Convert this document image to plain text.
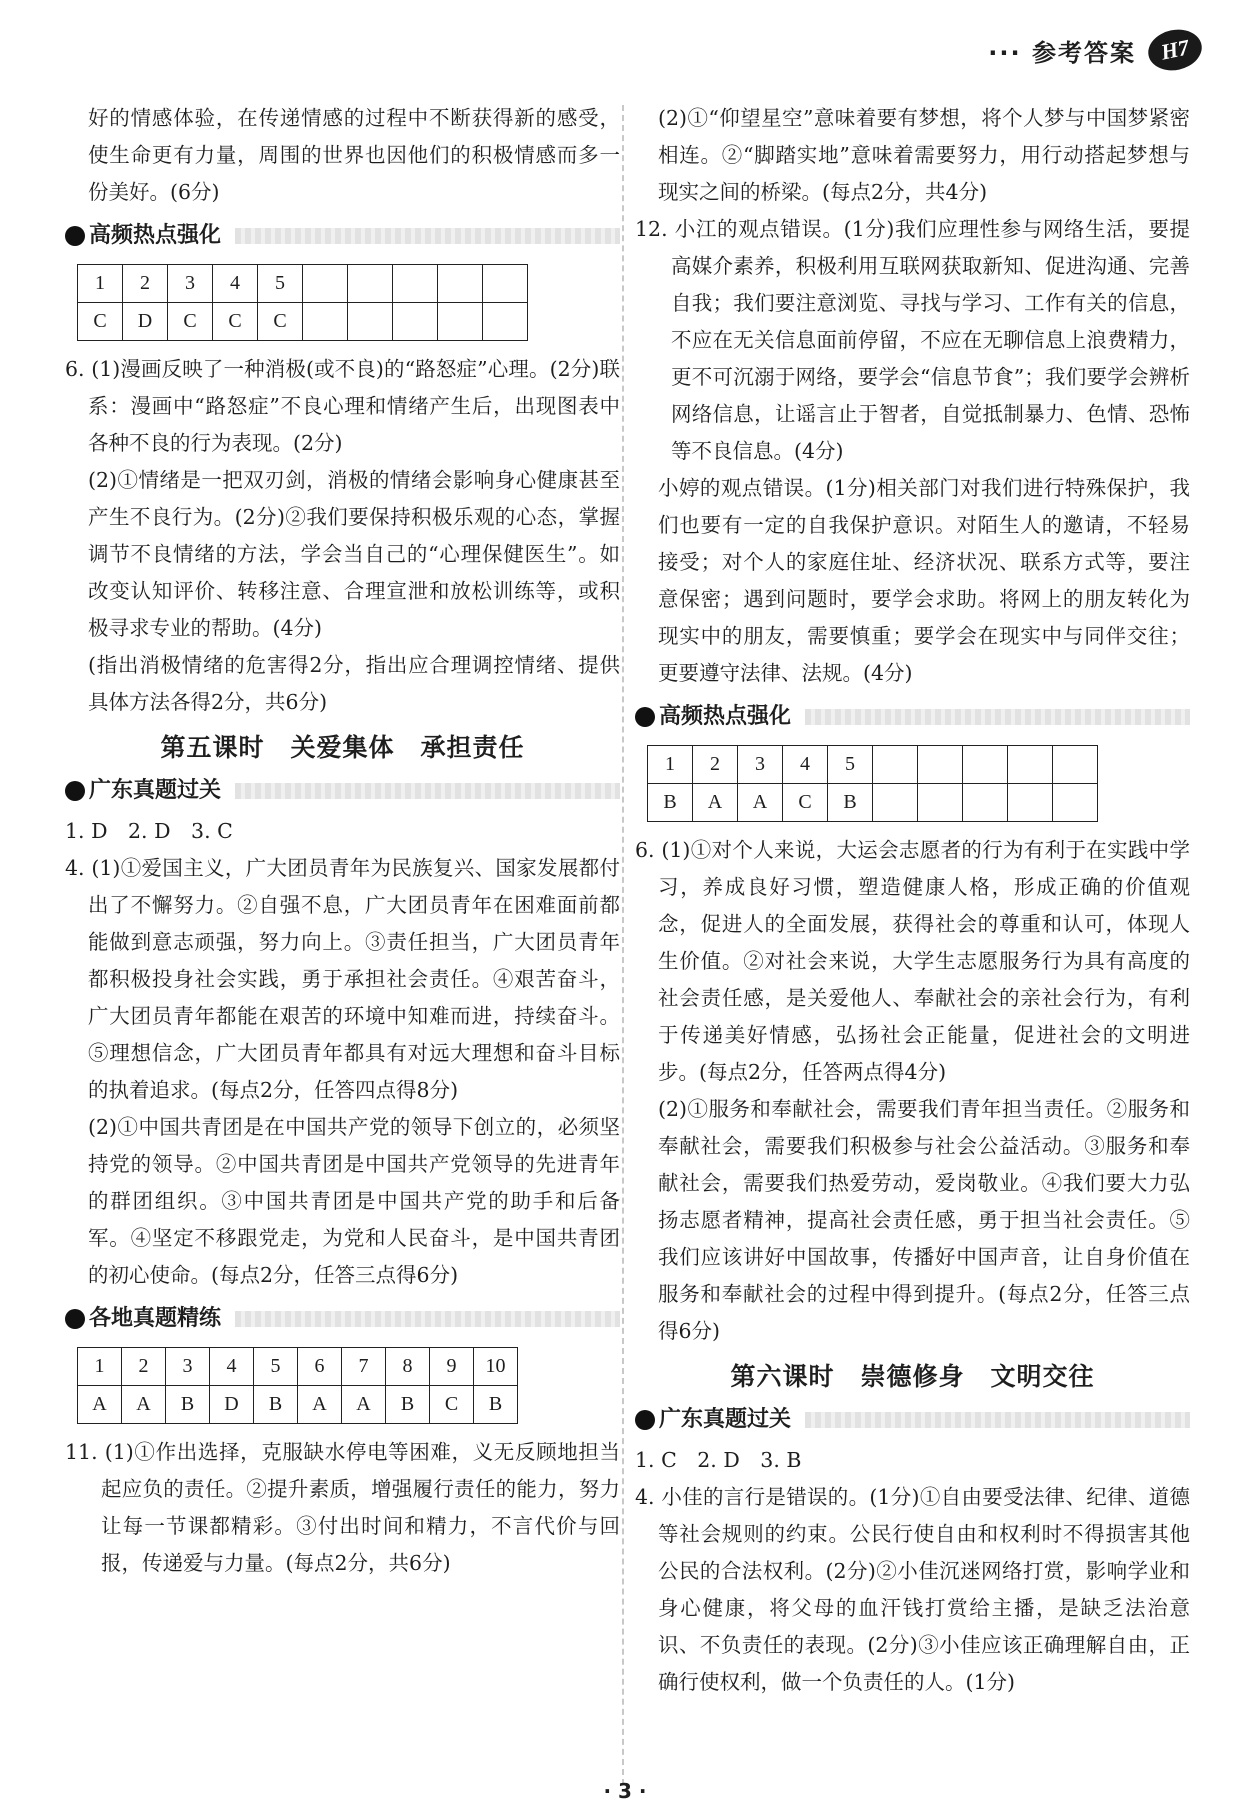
··· 参考答案	H7

好的情感体验，在传递情感的过程中不断获得新的感受，使生命更有力量，周围的世界也因他们的积极情感而多一份美好。(6分)

高频热点强化
1	2	3	4	5					
C	D	C	C	C					

6. (1)漫画反映了一种消极(或不良)的“路怒症”心理。(2分)联系：漫画中“路怒症”不良心理和情绪产生后，出现图表中各种不良的行为表现。(2分)

(2)①情绪是一把双刃剑，消极的情绪会影响身心健康甚至产生不良行为。(2分)②我们要保持积极乐观的心态，掌握调节不良情绪的方法，学会当自己的“心理保健医生”。如改变认知评价、转移注意、合理宣泄和放松训练等，或积极寻求专业的帮助。(4分)

(指出消极情绪的危害得2分，指出应合理调控情绪、提供具体方法各得2分，共6分)

第五课时　关爱集体　承担责任
广东真题过关

1. D　2. D　3. C

4. (1)①爱国主义，广大团员青年为民族复兴、国家发展都付出了不懈努力。②自强不息，广大团员青年在困难面前都能做到意志顽强，努力向上。③责任担当，广大团员青年都积极投身社会实践，勇于承担社会责任。④艰苦奋斗，广大团员青年都能在艰苦的环境中知难而进，持续奋斗。⑤理想信念，广大团员青年都具有对远大理想和奋斗目标的执着追求。(每点2分，任答四点得8分)

(2)①中国共青团是在中国共产党的领导下创立的，必须坚持党的领导。②中国共青团是中国共产党领导的先进青年的群团组织。③中国共青团是中国共产党的助手和后备军。④坚定不移跟党走，为党和人民奋斗，是中国共青团的初心使命。(每点2分，任答三点得6分)

各地真题精练
1	2	3	4	5	6	7	8	9	10
A	A	B	D	B	A	A	B	C	B

11. (1)①作出选择，克服缺水停电等困难，义无反顾地担当起应负的责任。②提升素质，增强履行责任的能力，努力让每一节课都精彩。③付出时间和精力，不言代价与回报，传递爱与力量。(每点2分，共6分)

(2)①“仰望星空”意味着要有梦想，将个人梦与中国梦紧密相连。②“脚踏实地”意味着需要努力，用行动搭起梦想与现实之间的桥梁。(每点2分，共4分)

12. 小江的观点错误。(1分)我们应理性参与网络生活，要提高媒介素养，积极利用互联网获取新知、促进沟通、完善自我；我们要注意浏览、寻找与学习、工作有关的信息，不应在无关信息面前停留，不应在无聊信息上浪费精力，更不可沉溺于网络，要学会“信息节食”；我们要学会辨析网络信息，让谣言止于智者，自觉抵制暴力、色情、恐怖等不良信息。(4分)

小婷的观点错误。(1分)相关部门对我们进行特殊保护，我们也要有一定的自我保护意识。对陌生人的邀请，不轻易接受；对个人的家庭住址、经济状况、联系方式等，要注意保密；遇到问题时，要学会求助。将网上的朋友转化为现实中的朋友，需要慎重；要学会在现实中与同伴交往；更要遵守法律、法规。(4分)

高频热点强化
1	2	3	4	5					
B	A	A	C	B					

6. (1)①对个人来说，大运会志愿者的行为有利于在实践中学习，养成良好习惯，塑造健康人格，形成正确的价值观念，促进人的全面发展，获得社会的尊重和认可，体现人生价值。②对社会来说，大学生志愿服务行为具有高度的社会责任感，是关爱他人、奉献社会的亲社会行为，有利于传递美好情感，弘扬社会正能量，促进社会的文明进步。(每点2分，任答两点得4分)

(2)①服务和奉献社会，需要我们青年担当责任。②服务和奉献社会，需要我们积极参与社会公益活动。③服务和奉献社会，需要我们热爱劳动，爱岗敬业。④我们要大力弘扬志愿者精神，提高社会责任感，勇于担当社会责任。⑤我们应该讲好中国故事，传播好中国声音，让自身价值在服务和奉献社会的过程中得到提升。(每点2分，任答三点得6分)

第六课时　崇德修身　文明交往
广东真题过关

1. C　2. D　3. B

4. 小佳的言行是错误的。(1分)①自由要受法律、纪律、道德等社会规则的约束。公民行使自由和权利时不得损害其他公民的合法权利。(2分)②小佳沉迷网络打赏，影响学业和身心健康，将父母的血汗钱打赏给主播，是缺乏法治意识、不负责任的表现。(2分)③小佳应该正确理解自由，正确行使权利，做一个负责任的人。(1分)

· 3 ·
